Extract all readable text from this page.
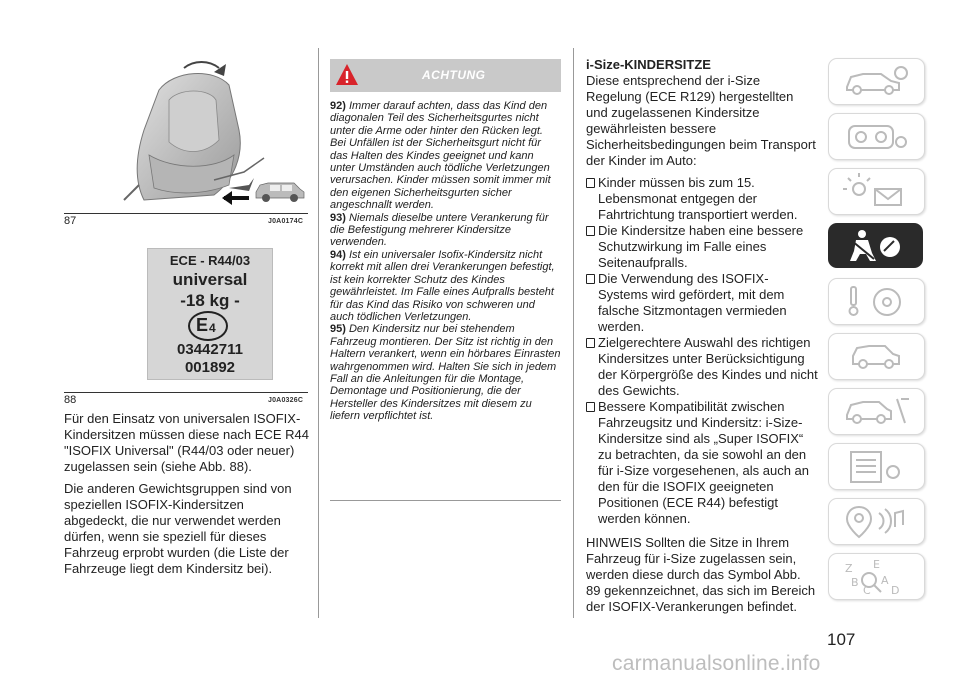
87	J0A0174C
ECE - R44/03
universal
-18 kg -
E 4
03442711
001892
88	J0A0326C

Für den Einsatz von universalen ISOFIX-Kindersitzen müssen diese nach ECE R44 "ISOFIX Universal" (R44/03 oder neuer) zugelassen sein (siehe Abb. 88).

Die anderen Gewichtsgruppen sind von speziellen ISOFIX-Kindersitzen abgedeckt, die nur verwendet werden dürfen, wenn sie speziell für dieses Fahrzeug erprobt wurden (die Liste der Fahrzeuge liegt dem Kindersitz bei).

ACHTUNG
92) Immer darauf achten, dass das Kind den diagonalen Teil des Sicherheitsgurtes nicht unter die Arme oder hinter den Rücken legt. Bei Unfällen ist der Sicherheitsgurt nicht für das Halten des Kindes geeignet und kann unter Umständen auch tödliche Verletzungen verursachen. Kinder müssen somit immer mit den eigenen Sicherheitsgurten sicher angeschnallt werden.
93) Niemals dieselbe untere Verankerung für die Befestigung mehrerer Kindersitze verwenden.
94) Ist ein universaler Isofix-Kindersitz nicht korrekt mit allen drei Verankerungen befestigt, ist kein korrekter Schutz des Kindes gewährleistet. Im Falle eines Aufpralls besteht für das Kind das Risiko von schweren und auch tödlichen Verletzungen.
95) Den Kindersitz nur bei stehendem Fahrzeug montieren. Der Sitz ist richtig in den Haltern verankert, wenn ein hörbares Einrasten wahrgenommen wird. Halten Sie sich in jedem Fall an die Anleitungen für die Montage, Demontage und Positionierung, die der Hersteller des Kindersitzes mit diesem zu liefern verpflichtet ist.
i-Size-KINDERSITZE

Diese entsprechend der i-Size Regelung (ECE R129) hergestellten und zugelassenen Kindersitze gewährleisten bessere Sicherheitsbedingungen beim Transport der Kinder im Auto:

Kinder müssen bis zum 15. Lebensmonat entgegen der Fahrtrichtung transportiert werden.
Die Kindersitze haben eine bessere Schutzwirkung im Falle eines Seitenaufpralls.
Die Verwendung des ISOFIX-Systems wird gefördert, mit dem falsche Sitzmontagen vermieden werden.
Zielgerechtere Auswahl des richtigen Kindersitzes unter Berücksichtigung der Körpergröße des Kindes und nicht des Gewichts.
Bessere Kompatibilität zwischen Fahrzeugsitz und Kindersitz: i-Size-Kindersitze sind als „Super ISOFIX“ zu betrachten, da sie sowohl an den für i-Size vorgesehenen, als auch an den für die ISOFIX geeigneten Positionen (ECE R44) befestigt werden können.

HINWEIS Sollten die Sitze in Ihrem Fahrzeug für i-Size zugelassen sein, werden diese durch das Symbol Abb. 89 gekennzeichnet, das sich im Bereich der ISOFIX-Verankerungen befindet.

Z E
B A
C D
107
carmanualsonline.info
